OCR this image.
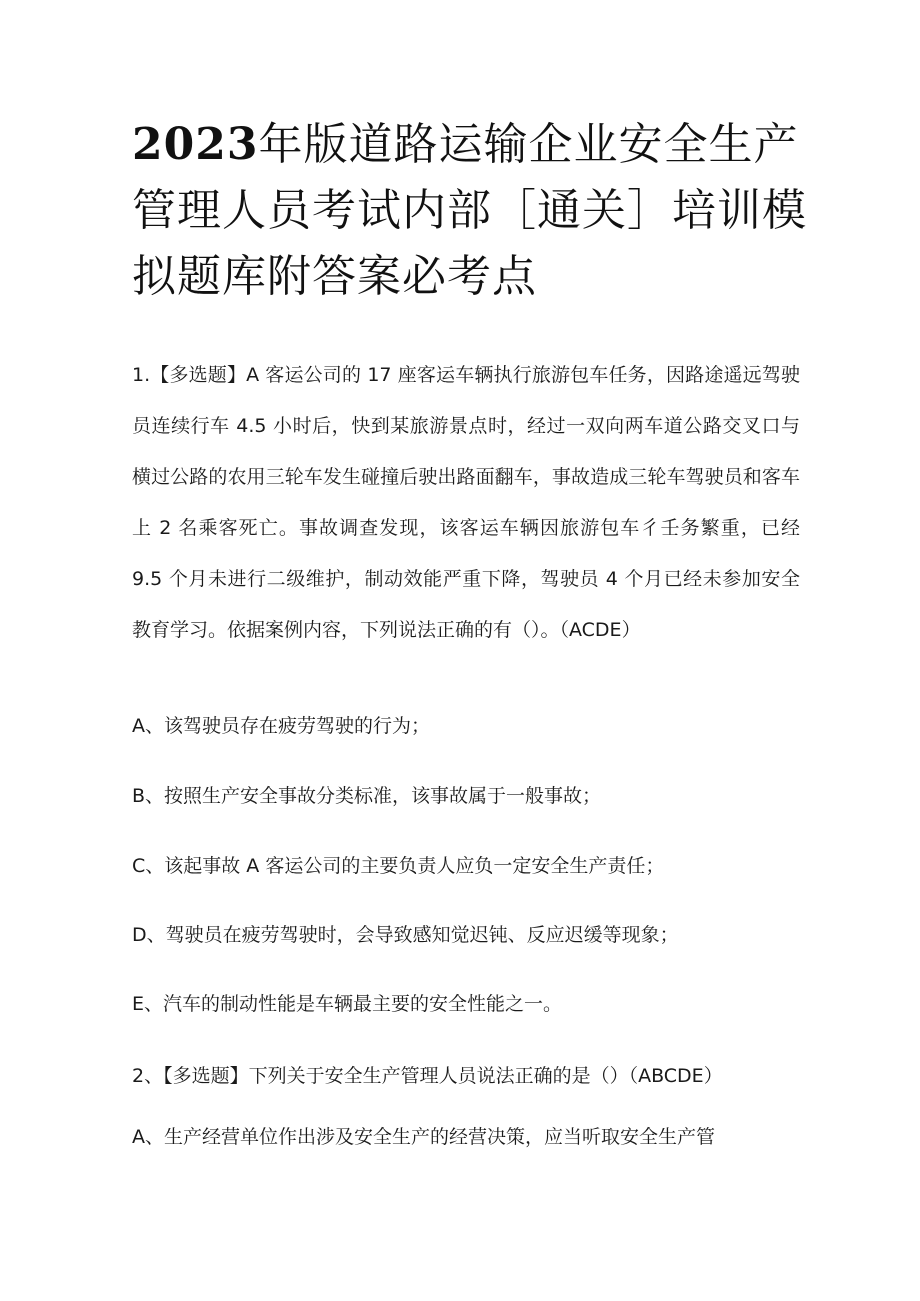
2023年版道路运输企业安全生产管理人员考试内部［通关］培训模拟题库附答案必考点

1.【多选题】A 客运公司的 17 座客运车辆执行旅游包车任务，因路途遥远驾驶员连续行车 4.5 小时后，快到某旅游景点时，经过一双向两车道公路交叉口与横过公路的农用三轮车发生碰撞后驶出路面翻车，事故造成三轮车驾驶员和客车上 2 名乘客死亡。事故调查发现，该客运车辆因旅游包车彳壬务繁重，已经 9.5 个月未进行二级维护，制动效能严重下降，驾驶员 4 个月已经未参加安全教育学习。依据案例内容，下列说法正确的有（）。（ACDE）

A、该驾驶员存在疲劳驾驶的行为；

B、按照生产安全事故分类标准，该事故属于一般事故；

C、该起事故 A 客运公司的主要负责人应负一定安全生产责任；

D、驾驶员在疲劳驾驶时，会导致感知觉迟钝、反应迟缓等现象；

E、汽车的制动性能是车辆最主要的安全性能之一。

2、【多选题】下列关于安全生产管理人员说法正确的是（）（ABCDE）

A、生产经营单位作出涉及安全生产的经营决策，应当听取安全生产管
